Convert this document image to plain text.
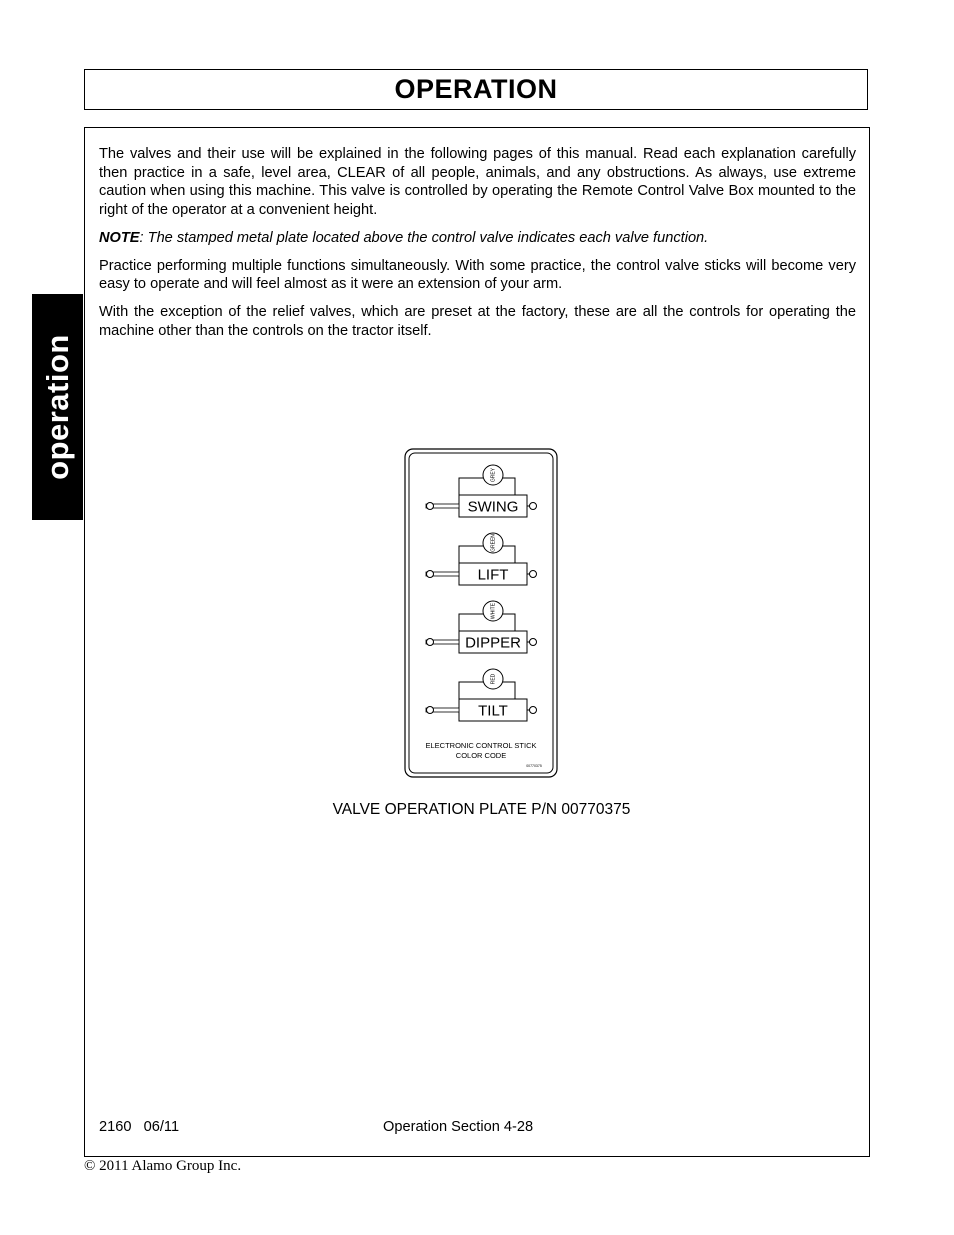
OPERATION
operation

The valves and their use will be explained in the following pages of this manual. Read each explanation carefully then practice in a safe, level area, CLEAR of all people, animals, and any obstructions. As always, use extreme caution when using this machine. This valve is controlled by operating the Remote Control Valve Box mounted to the right of the operator at a convenient height.

NOTE: The stamped metal plate located above the control valve indicates each valve function.

Practice performing multiple functions simultaneously. With some practice, the control valve sticks will become very easy to operate and will feel almost as it were an extension of your arm.

With the exception of the relief valves, which are preset at the factory, these are all the controls for operating the machine other than the controls on the tractor itself.

GREY
SWING
GREEN
LIFT
WHITE
DIPPER
RED
TILT
ELECTRONIC CONTROL STICK
COLOR CODE
00770375
VALVE OPERATION PLATE P/N 00770375
2160   06/11	Operation Section 4-28
© 2011 Alamo Group Inc.
